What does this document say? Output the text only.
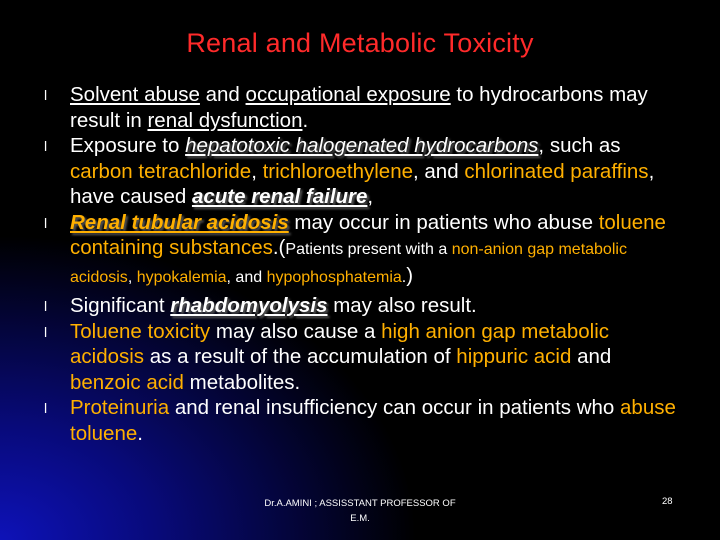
Renal and Metabolic Toxicity
l Solvent abuse and occupational exposure to hydrocarbons may result in renal dysfunction.
l Exposure to hepatotoxic halogenated hydrocarbons, such as carbon tetrachloride, trichloroethylene, and chlorinated paraffins, have caused acute renal failure,
l Renal tubular acidosis may occur in patients who abuse toluene containing substances.(Patients present with a non-anion gap metabolic acidosis, hypokalemia, and hypophosphatemia.)
l Significant rhabdomyolysis may also result.
l Toluene toxicity may also cause a high anion gap metabolic acidosis as a result of the accumulation of hippuric acid and benzoic acid metabolites.
l Proteinuria and renal insufficiency can occur in patients who abuse toluene.
Dr.A.AMINI ; ASSISSTANT PROFESSOR OF E.M.
28
